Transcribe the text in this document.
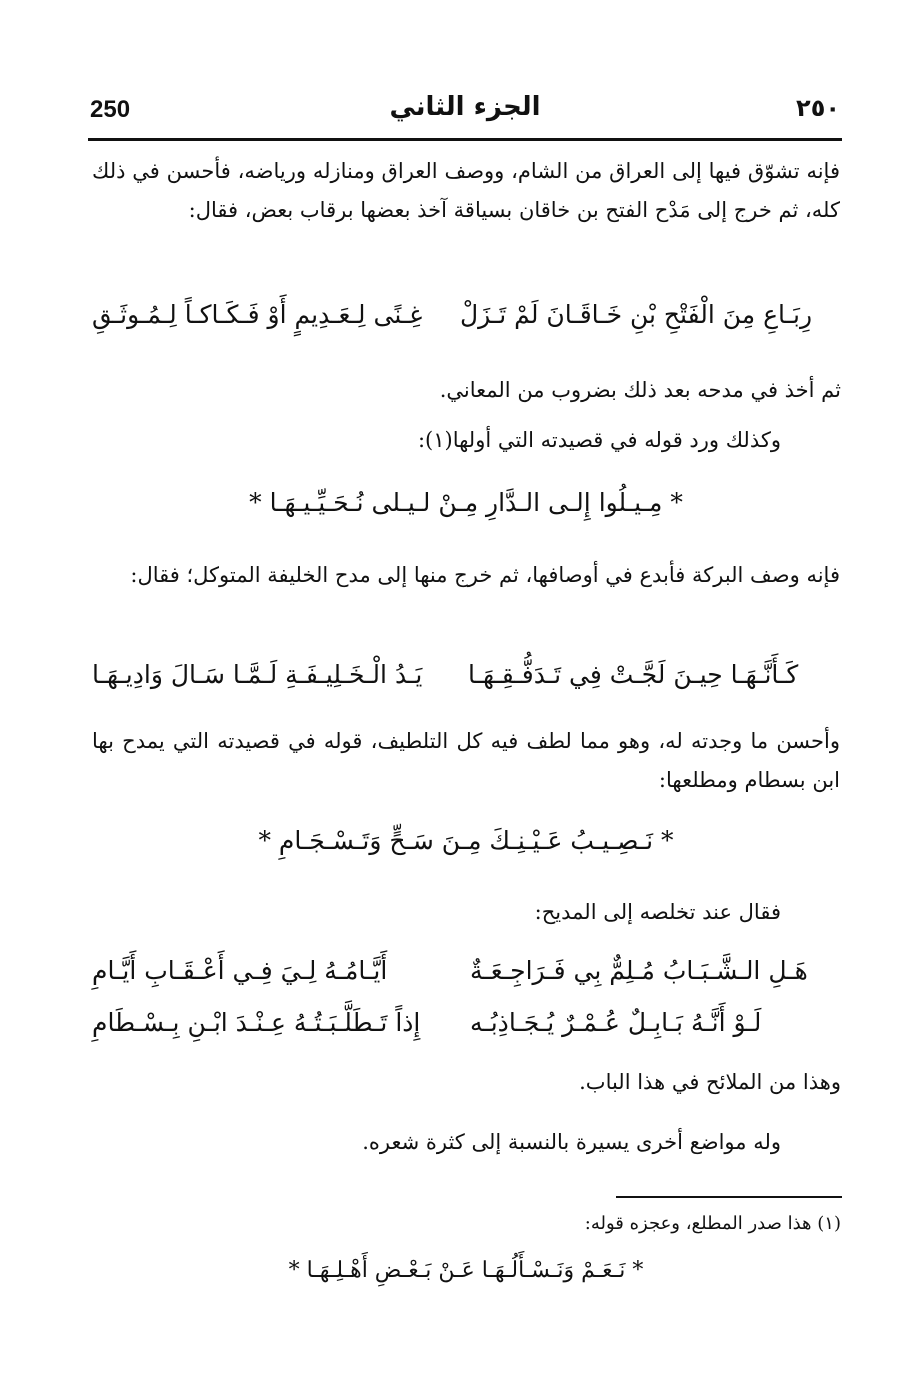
250	الجزء الثاني	٢٥٠
فإنه تشوّق فيها إلى العراق من الشام، ووصف العراق ومنازله ورياضه، فأحسن في ذلك كله، ثم خرج إلى مَدْح الفتح بن خاقان بسياقة آخذ بعضها برقاب بعض، فقال:
رِبَـاعِ مِنَ الْفَتْحِ بْنِ خَـاقَـانَ لَمْ تَـزَلْ
غِـنًى لِـعَـدِيمٍ أَوْ فَـكَـاكـاً لِـمُـوثَـقِ
ثم أخذ في مدحه بعد ذلك بضروب من المعاني.
وكذلك ورد قوله في قصيدته التي أولها(١):
* مِـيـلُوا إِلـى الـدَّارِ مِـنْ لـيـلى نُـحَـيِّـيـهَـا *
فإنه وصف البركة فأبدع في أوصافها، ثم خرج منها إلى مدح الخليفة المتوكل؛ فقال:
كَـأَنَّـهَـا حِيـنَ لَجَّـتْ فِي تَـدَفُّـقِـهَـا
يَـدُ الْـخَـلِيـفَـةِ لَـمَّـا سَـالَ وَادِيـهَـا
وأحسن ما وجدته له، وهو مما لطف فيه كل التلطيف، قوله في قصيدته التي يمدح بها ابن بسطام ومطلعها:
* نَـصِـيـبُ عَـيْـنِـكَ مِـنَ سَـحٍّ وَتَـسْـجَـامِ *
فقال عند تخلصه إلى المديح:
هَـلِ الـشَّـبَـابُ مُـلِمٌّ بِي فَـرَاجِـعَـةٌ
أَيَّـامُـهُ لِـيَ فِـي أَعْـقَـابِ أَيَّـامِ
لَـوْ أَنَّـهُ بَـابِـلٌ عُـمْـرٌ يُـجَـاذِبُـه
إِذاً تَـطَلَّـبَـتُـهُ عِـنْـدَ ابْـنِ بِـسْـطَامِ
وهذا من الملائح في هذا الباب.
وله مواضع أخرى يسيرة بالنسبة إلى كثرة شعره.
(١) هذا صدر المطلع، وعجزه قوله:
* نَـعَـمْ وَنَـسْـأَلُـهَـا عَـنْ بَـعْـضِ أَهْـلِـهَـا *
